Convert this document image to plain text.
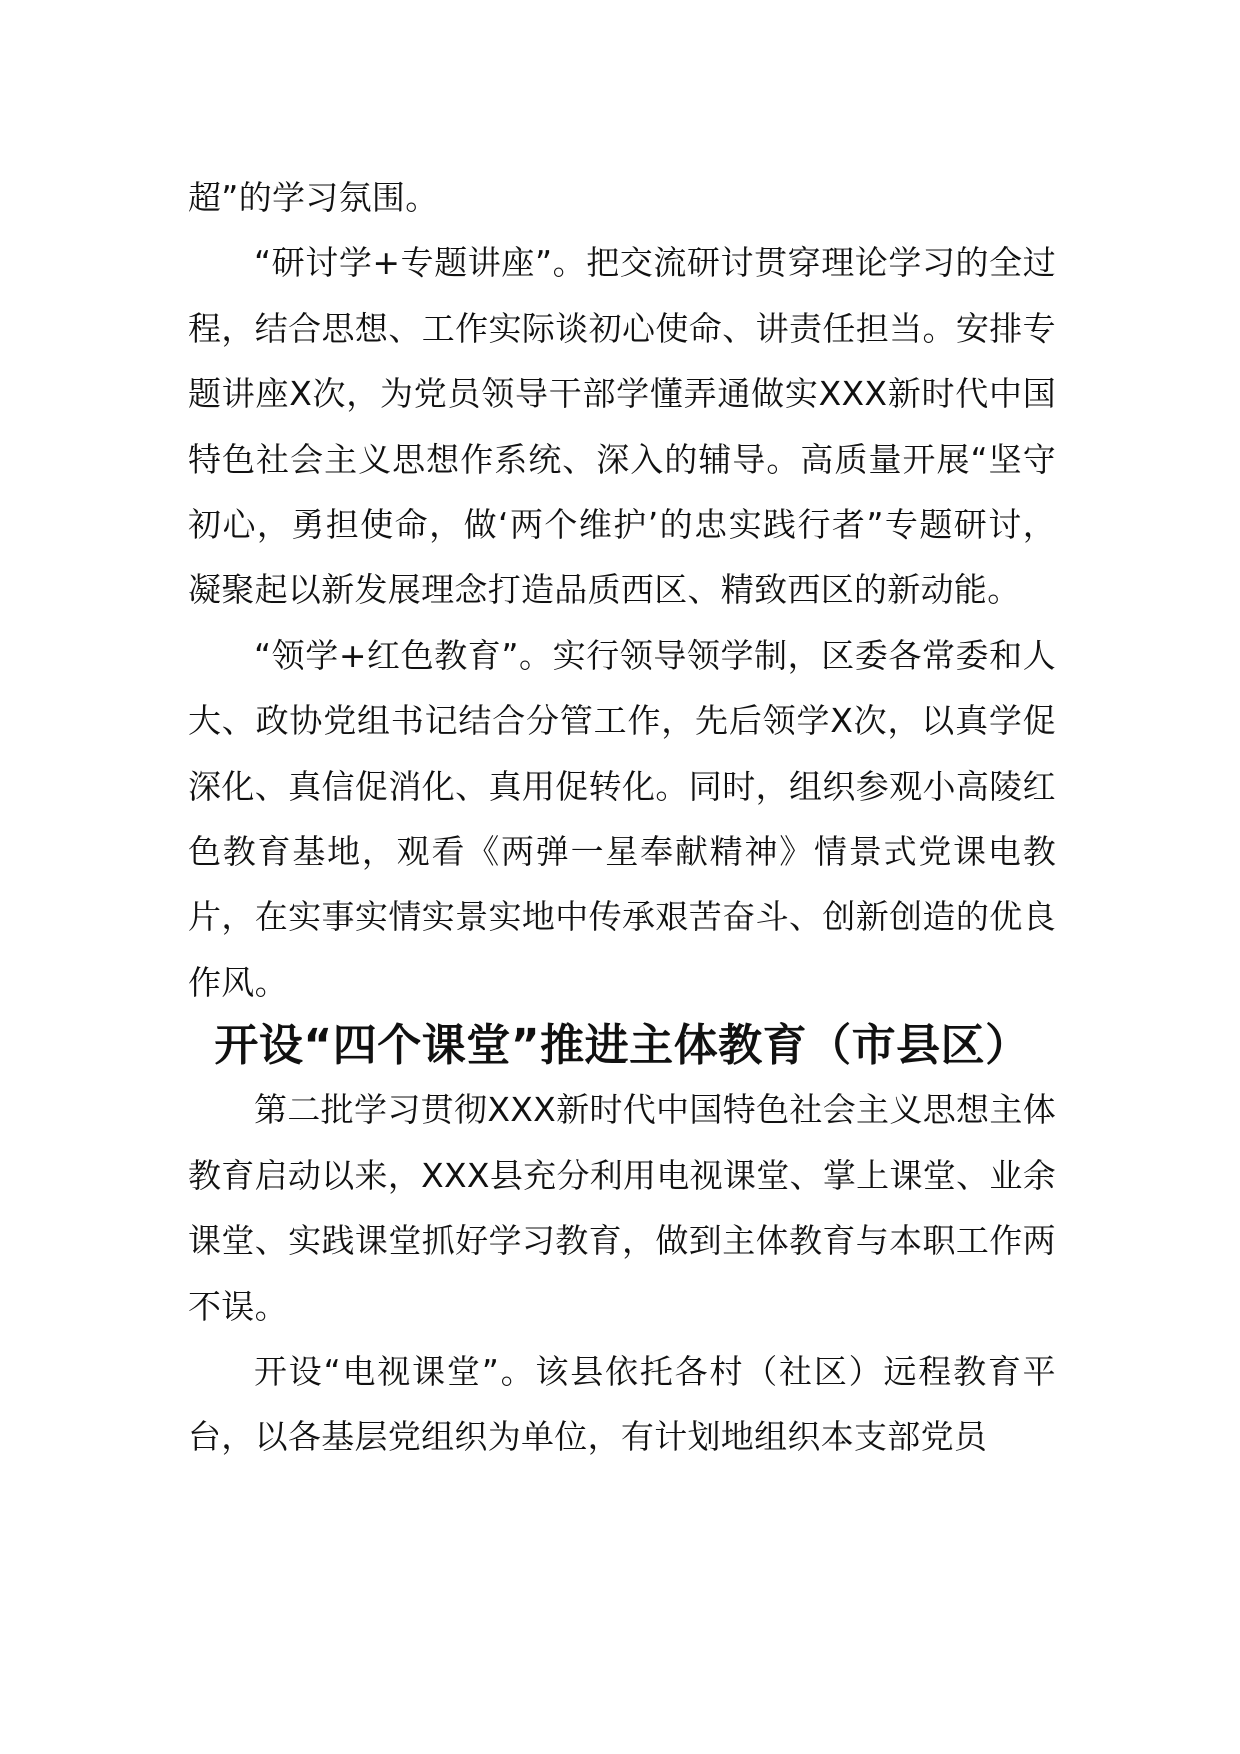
超”的学习氛围。

“研讨学+专题讲座”。把交流研讨贯穿理论学习的全过程，结合思想、工作实际谈初心使命、讲责任担当。安排专题讲座X次，为党员领导干部学懂弄通做实XXX新时代中国特色社会主义思想作系统、深入的辅导。高质量开展“坚守初心，勇担使命，做‘两个维护’的忠实践行者”专题研讨，凝聚起以新发展理念打造品质西区、精致西区的新动能。

“领学+红色教育”。实行领导领学制，区委各常委和人大、政协党组书记结合分管工作，先后领学X次，以真学促深化、真信促消化、真用促转化。同时，组织参观小高陵红色教育基地，观看《两弹一星奉献精神》情景式党课电教片，在实事实情实景实地中传承艰苦奋斗、创新创造的优良作风。

开设“四个课堂”推进主体教育（市县区）

第二批学习贯彻XXX新时代中国特色社会主义思想主体教育启动以来，XXX县充分利用电视课堂、掌上课堂、业余课堂、实践课堂抓好学习教育，做到主体教育与本职工作两不误。

开设“电视课堂”。该县依托各村（社区）远程教育平台，以各基层党组织为单位，有计划地组织本支部党员
